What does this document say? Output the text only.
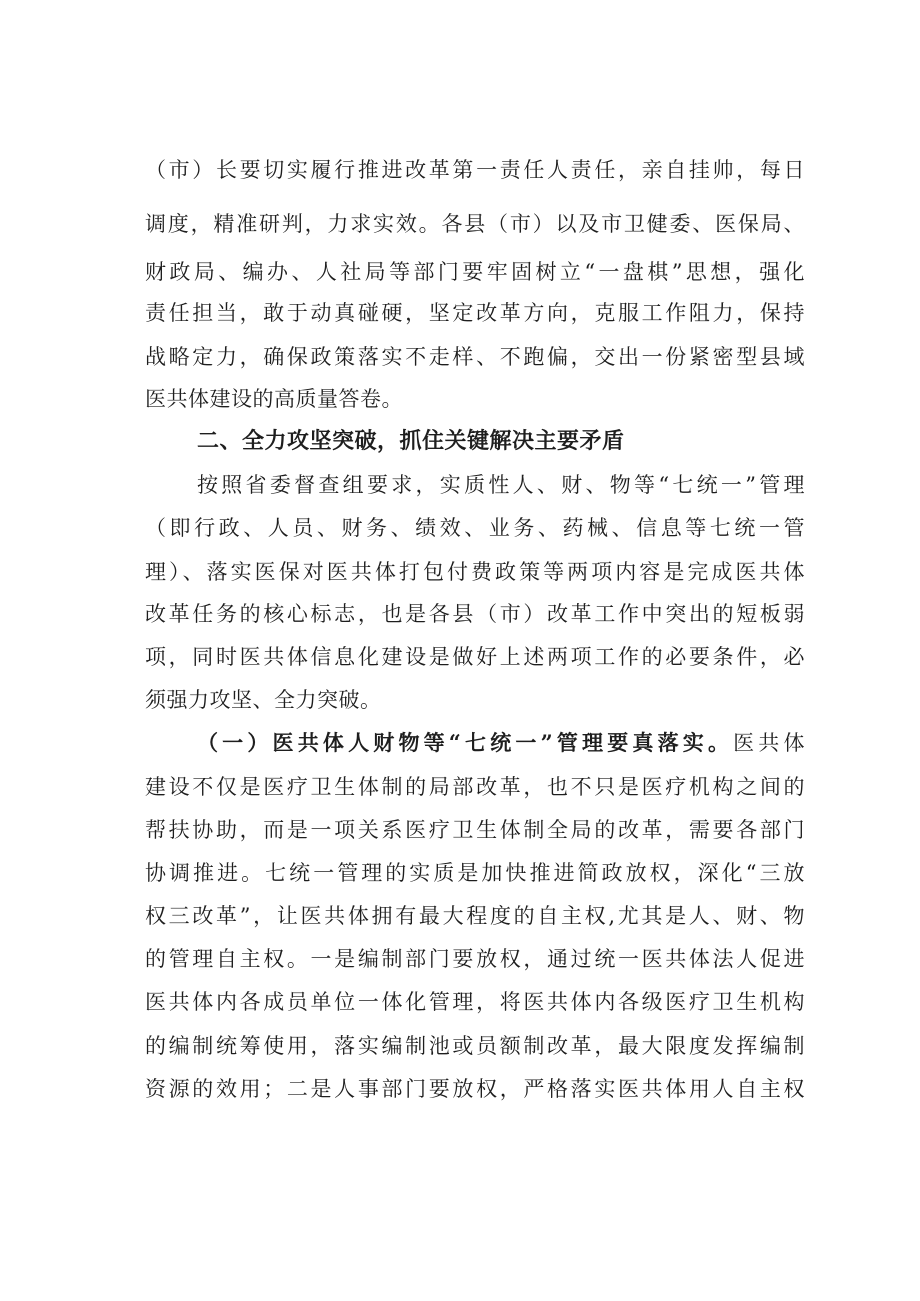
（市）长要切实履行推进改革第一责任人责任，亲自挂帅，每日
调度，精准研判，力求实效。各县（市）以及市卫健委、医保局、
财政局、编办、人社局等部门要牢固树立“一盘棋”思想，强化
责任担当，敢于动真碰硬，坚定改革方向，克服工作阻力，保持
战略定力，确保政策落实不走样、不跑偏，交出一份紧密型县域
医共体建设的高质量答卷。
二、全力攻坚突破，抓住关键解决主要矛盾
按照省委督查组要求，实质性人、财、物等“七统一”管理
（即行政、人员、财务、绩效、业务、药械、信息等七统一管
理）、落实医保对医共体打包付费政策等两项内容是完成医共体
改革任务的核心标志，也是各县（市）改革工作中突出的短板弱
项，同时医共体信息化建设是做好上述两项工作的必要条件，必
须强力攻坚、全力突破。
（一）医共体人财物等“七统一”管理要真落实。医共体
建设不仅是医疗卫生体制的局部改革，也不只是医疗机构之间的
帮扶协助，而是一项关系医疗卫生体制全局的改革，需要各部门
协调推进。七统一管理的实质是加快推进简政放权，深化“三放
权三改革”，让医共体拥有最大程度的自主权,尤其是人、财、物
的管理自主权。一是编制部门要放权，通过统一医共体法人促进
医共体内各成员单位一体化管理，将医共体内各级医疗卫生机构
的编制统筹使用，落实编制池或员额制改革，最大限度发挥编制
资源的效用；二是人事部门要放权，严格落实医共体用人自主权
